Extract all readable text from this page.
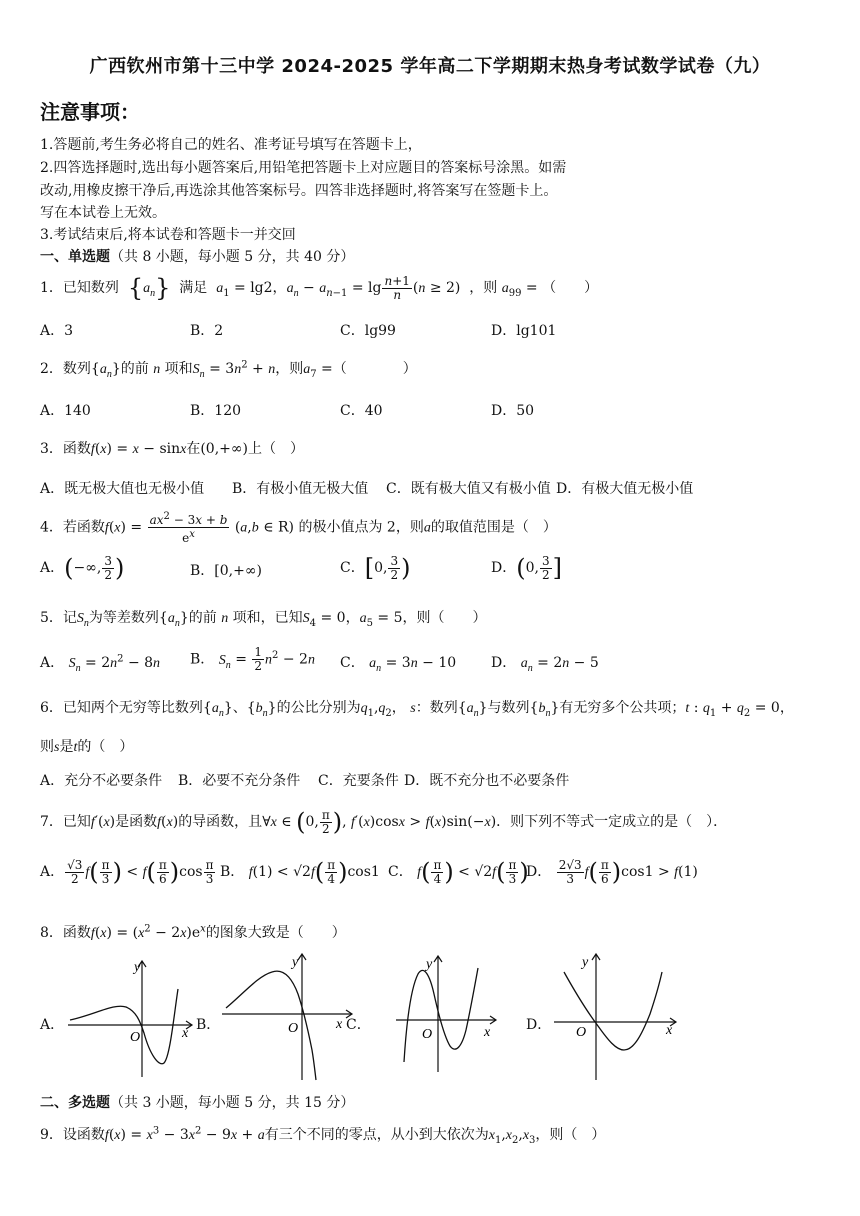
广西钦州市第十三中学 2024-2025 学年高二下学期期末热身考试数学试卷（九）
注意事项：
1.答题前,考生务必将自己的姓名、准考证号填写在答题卡上，
2.四答选择题时,选出每小题答案后,用铅笔把答题卡上对应题目的答案标号涂黑。如需
改动,用橡皮擦干净后,再选涂其他答案标号。四答非选择题时,将答案写在签题卡上。
写在本试卷上无效。
3.考试结束后,将本试卷和答题卡一并交回
一、单选题（共 8 小题，每小题 5 分，共 40 分）
1．已知数列 $\{a_n\}$ 满足 $a_1 = \lg 2$，$a_n - a_{n-1} = \lg \frac{n+1}{n} (n \ge 2)$  ，则 $a_{99}$ = （　　）
A．3	B．2	C．lg99	D．lg101
2．数列$\{a_n\}$的前 n 项和$S_n = 3n^2 + n$，则$a_7$ =（　　　　）
A．140	B．120	C．40	D．50
3．函数f(x) = x − sinx在(0,+∞)上（　）
A．既无极大值也无极小值 B．有极小值无极大值 C．既有极大值又有极小值 D．有极大值无极小值
4．若函数$f(x) = \frac{ax^2 - 3x + b}{e^x} (a,b$ ∈ R) 的极小值点为 2，则a的取值范围是（　）
A．(−∞, $\frac{3}{2}$ )	B．[0,+∞)	C．[0, $\frac{3}{2}$ )	D．(0, $\frac{3}{2}$ ]
5．记$S_n$为等差数列$\{a_n\}$的前 n 项和，已知$S_4 = 0$，$a_5 = 5$，则（　　）
A． $S_n = 2n^2 - 8n$ B． $S_n = \frac{1}{2} n^2 - 2n$ C． $a_n = 3n - 10$ D． $a_n = 2n - 5$
6．已知两个无穷等比数列$\{a_n\}$、$\{b_n\}$的公比分别为$q_1,q_2$， s：数列$\{a_n\}$与数列$\{b_n\}$有无穷多个公共项；t : $q_1 + q_2 = 0$，
则s是t的（　）
A．充分不必要条件 B．必要不充分条件 C．充要条件 D．既不充分也不必要条件
7．已知f′(x)是函数f(x)的导函数，且∀x ∈ (0, $\frac{\pi}{2}$ ), f′(x)cosx > f(x)sin(−x)．则下列不等式一定成立的是（　）．
A． $\frac{√3}{2} f( \frac{\pi}{3}$ ) < $f( \frac{\pi}{6} )\cos \frac{\pi}{3}$ B． $f(1) < √2f( \frac{\pi}{4} )\cos 1$ C． $f( \frac{\pi}{4}$ ) < $√2f( \frac{\pi}{3}$ )
D． $\frac{2√3}{3} f( \frac{\pi}{6} )\cos 1 > f(1)$
8．函数$f(x) = (x^2 - 2x)e^x$的图象大致是（　　）
A．
y
O	x
B．
y
O	x C．
y
O	x	D．
y
O	x
二、多选题（共 3 小题，每小题 5 分，共 15 分）
9．设函数$f(x) = x^3 - 3x^2 - 9x + a$有三个不同的零点，从小到大依次为$x_1,x_2,x_3$，则（　）
